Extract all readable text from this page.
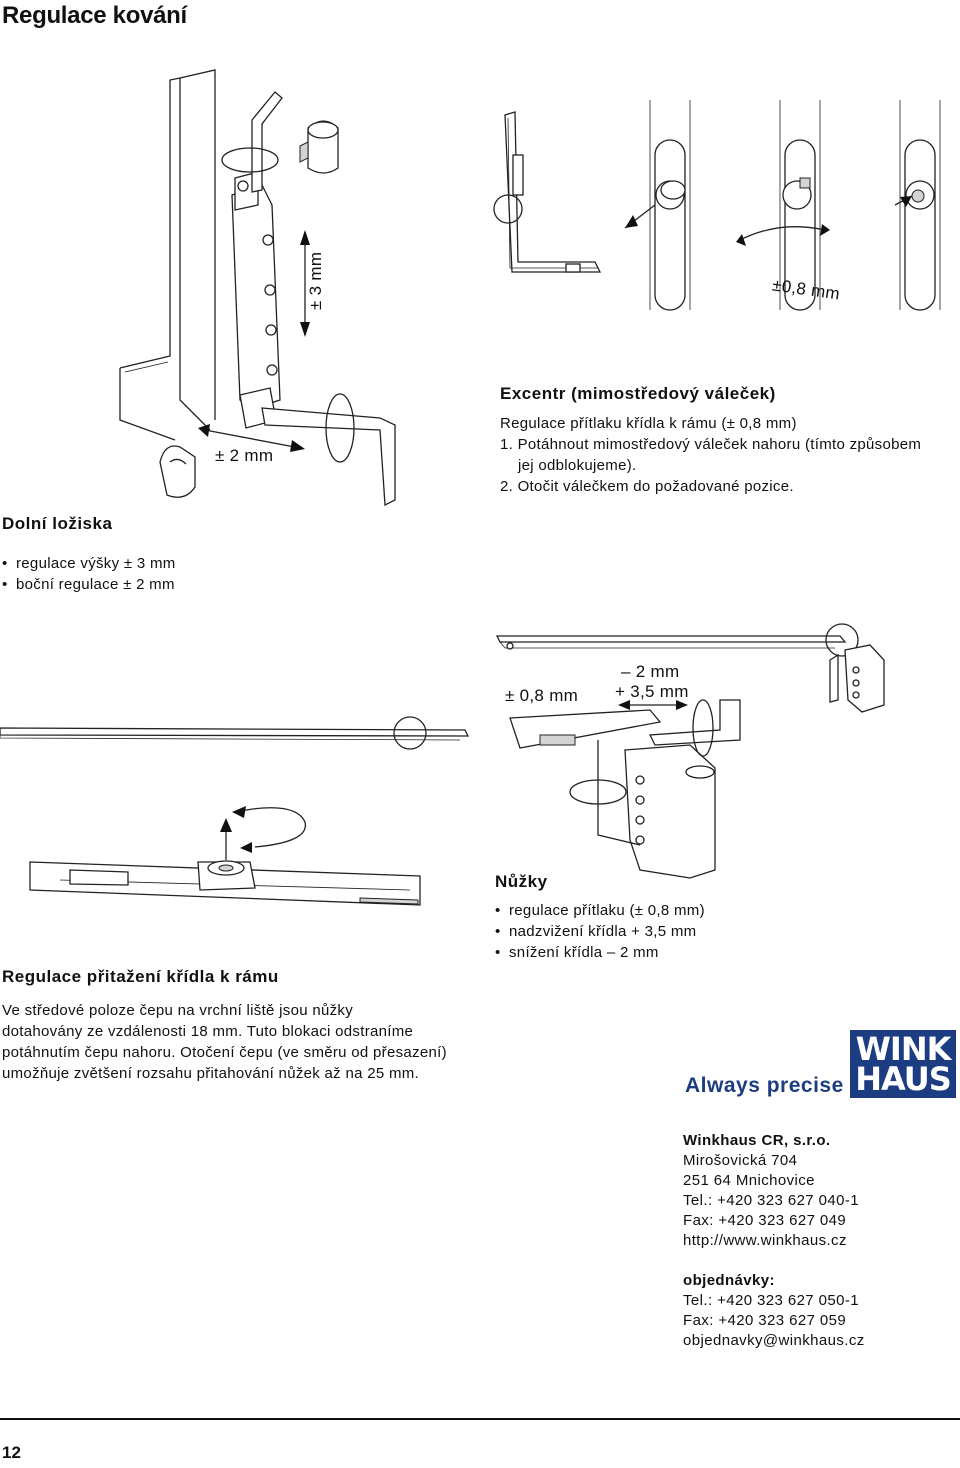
Regulace kování
± 3 mm
± 2 mm
±0,8 mm
Excentr (mimostředový váleček)
Regulace přítlaku křídla k rámu (± 0,8 mm)
1. Potáhnout mimostředový váleček nahoru (tímto způsobem
jej odblokujeme).
2. Otočit válečkem do požadované pozice.
Dolní ložiska
• regulace výšky ± 3 mm
• boční regulace ± 2 mm
± 0,8 mm
– 2 mm
+ 3,5 mm
Nůžky
• regulace přítlaku (± 0,8 mm)
• nadzvižení křídla + 3,5 mm
• snížení křídla – 2 mm
Regulace přitažení křídla k rámu
Ve středové poloze čepu na vrchní liště jsou nůžky
dotahovány ze vzdálenosti 18 mm. Tuto blokaci odstraníme
potáhnutím čepu nahoru. Otočení čepu (ve směru od přesazení)
umožňuje zvětšení rozsahu přitahování nůžek až na 25 mm.
Always precise
WINK
HAUS
Winkhaus CR, s.r.o.
Mirošovická 704
251 64 Mnichovice
Tel.: +420 323 627 040-1
Fax: +420 323 627 049
http://www.winkhaus.cz
objednávky:
Tel.: +420 323 627 050-1
Fax: +420 323 627 059
objednavky@winkhaus.cz
12
